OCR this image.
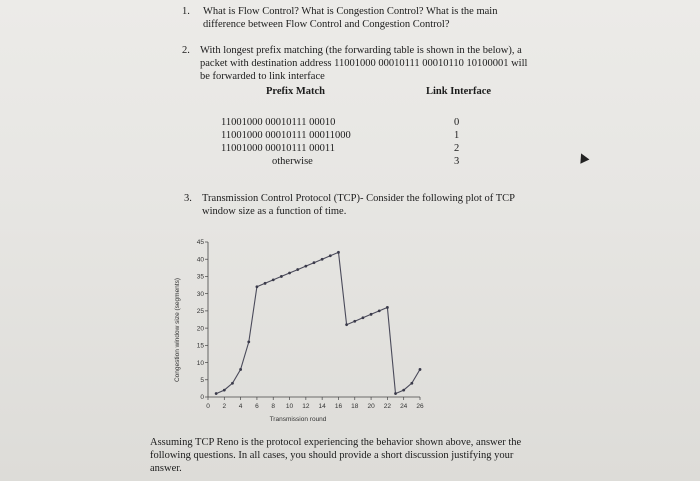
1. What is Flow Control? What is Congestion Control? What is the main
difference between Flow Control and Congestion Control?
2. With longest prefix matching (the forwarding table is shown in the below), a
packet with destination address 11001000 00010111 00010110 10100001 will
be forwarded to link interface
Prefix Match	Link Interface
11001000 00010111 00010
11001000 00010111 00011000
11001000 00010111 00011
otherwise
0
1
2
3
3. Transmission Control Protocol (TCP)- Consider the following plot of TCP
window size as a function of time.
0
5
10
15
20
25
30
35
40
45
0 2 4 6 8 10 12 14 16 18 20 22 24 26
Congestion window size (segments)
Transmission round
Assuming TCP Reno is the protocol experiencing the behavior shown above, answer the
following questions. In all cases, you should provide a short discussion justifying your
answer.
